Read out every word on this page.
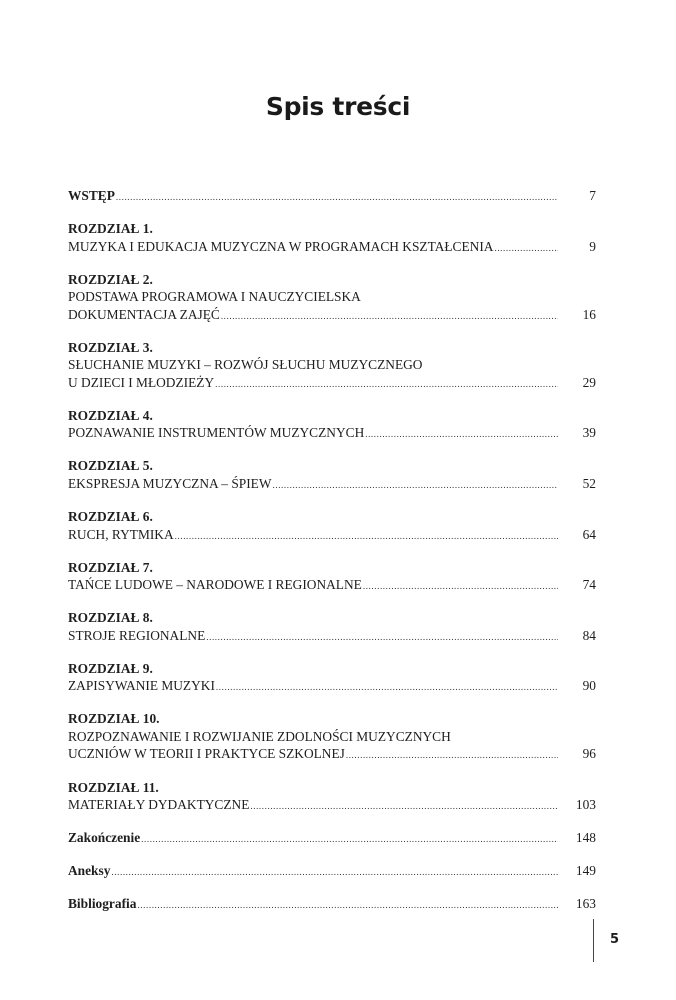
Spis treści
WSTĘP .....	7
ROZDZIAŁ 1.
MUZYKA I EDUKACJA MUZYCZNA W PROGRAMACH KSZTAŁCENIA .....	9
ROZDZIAŁ 2.
PODSTAWA PROGRAMOWA I NAUCZYCIELSKA
DOKUMENTACJA ZAJĘĆ .....	16
ROZDZIAŁ 3.
SŁUCHANIE MUZYKI – ROZWÓJ SŁUCHU MUZYCZNEGO
U DZIECI I MŁODZIEŻY .....	29
ROZDZIAŁ 4.
POZNAWANIE INSTRUMENTÓW MUZYCZNYCH .....	39
ROZDZIAŁ 5.
EKSPRESJA MUZYCZNA – ŚPIEW .....	52
ROZDZIAŁ 6.
RUCH, RYTMIKA .....	64
ROZDZIAŁ 7.
TAŃCE LUDOWE – NARODOWE I REGIONALNE .....	74
ROZDZIAŁ 8.
STROJE REGIONALNE .....	84
ROZDZIAŁ 9.
ZAPISYWANIE MUZYKI .....	90
ROZDZIAŁ 10.
ROZPOZNAWANIE I ROZWIJANIE ZDOLNOŚCI MUZYCZNYCH
UCZNIÓW W TEORII I PRAKTYCE SZKOLNEJ .....	96
ROZDZIAŁ 11.
MATERIAŁY DYDAKTYCZNE .....	103
Zakończenie .....	148
Aneksy .....	149
Bibliografia .....	163
5
